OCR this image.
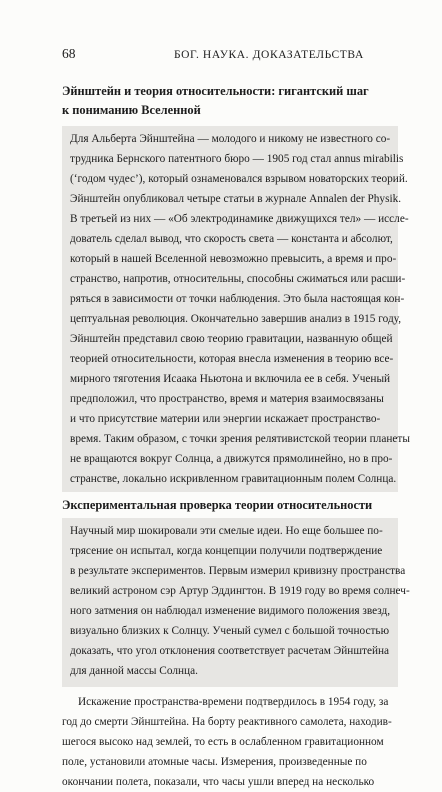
68	БОГ. НАУКА. ДОКАЗАТЕЛЬСТВА
Эйнштейн и теория относительности: гигантский шаг
к пониманию Вселенной
Для Альберта Эйнштейна — молодого и никому не известного со-
трудника Бернского патентного бюро — 1905 год стал annus mirabilis
(‘годом чудес’), который ознаменовался взрывом новаторских теорий.
Эйнштейн опубликовал четыре статьи в журнале Annalen der Physik.
В третьей из них — «Об электродинамике движущихся тел» — иссле-
дователь сделал вывод, что скорость света — константа и абсолют,
который в нашей Вселенной невозможно превысить, а время и про-
странство, напротив, относительны, способны сжиматься или расши-
ряться в зависимости от точки наблюдения. Это была настоящая кон-
цептуальная революция. Окончательно завершив анализ в 1915 году,
Эйнштейн представил свою теорию гравитации, названную общей
теорией относительности, которая внесла изменения в теорию все-
мирного тяготения Исаака Ньютона и включила ее в себя. Ученый
предположил, что пространство, время и материя взаимосвязаны
и что присутствие материи или энергии искажает пространство-
время. Таким образом, с точки зрения релятивистской теории планеты
не вращаются вокруг Солнца, а движутся прямолинейно, но в про-
странстве, локально искривленном гравитационным полем Солнца.
Экспериментальная проверка теории относительности
Научный мир шокировали эти смелые идеи. Но еще большее по-
трясение он испытал, когда концепции получили подтверждение
в результате экспериментов. Первым измерил кривизну пространства
великий астроном сэр Артур Эддингтон. В 1919 году во время солнеч-
ного затмения он наблюдал изменение видимого положения звезд,
визуально близких к Солнцу. Ученый сумел с большой точностью
доказать, что угол отклонения соответствует расчетам Эйнштейна
для данной массы Солнца.
Искажение пространства-времени подтвердилось в 1954 году, за
год до смерти Эйнштейна. На борту реактивного самолета, находив-
шегося высоко над землей, то есть в ослабленном гравитационном
поле, установили атомные часы. Измерения, произведенные по
окончании полета, показали, что часы ушли вперед на несколько
